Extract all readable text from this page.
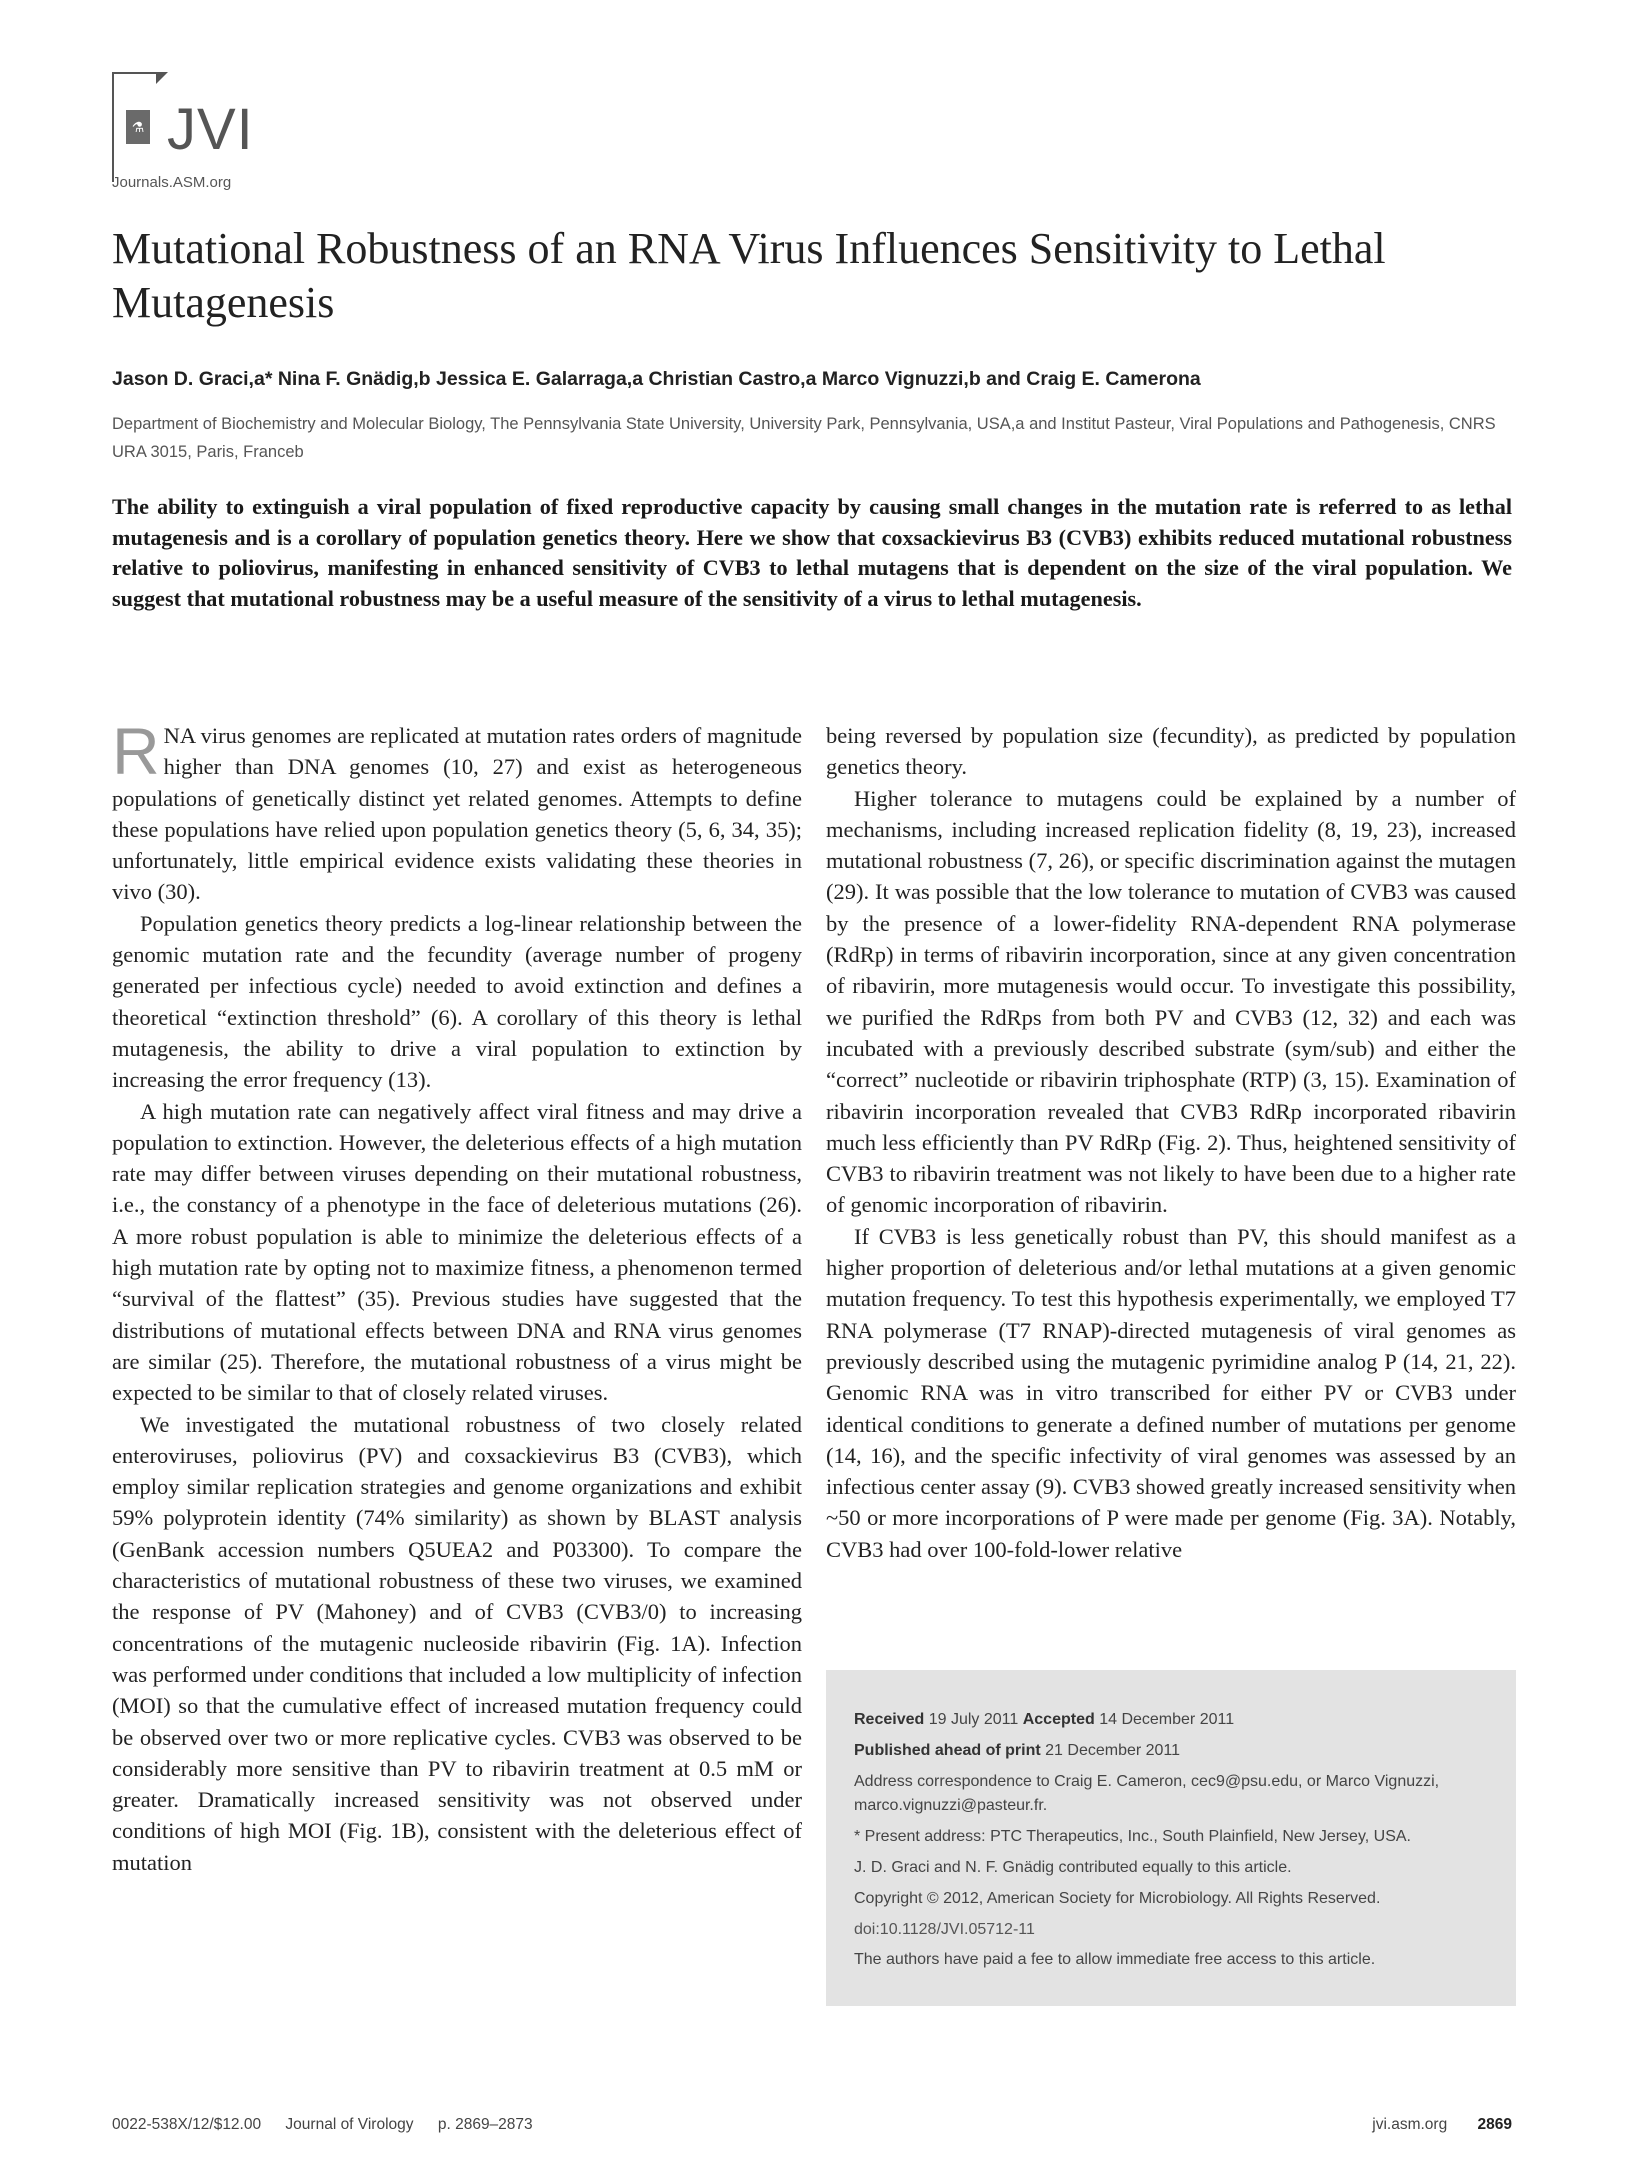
⚗ JVI
Journals.ASM.org
Mutational Robustness of an RNA Virus Influences Sensitivity to Lethal Mutagenesis
Jason D. Graci,a* Nina F. Gnädig,b Jessica E. Galarraga,a Christian Castro,a Marco Vignuzzi,b and Craig E. Camerona
Department of Biochemistry and Molecular Biology, The Pennsylvania State University, University Park, Pennsylvania, USA,a and Institut Pasteur, Viral Populations and Pathogenesis, CNRS URA 3015, Paris, Franceb

The ability to extinguish a viral population of fixed reproductive capacity by causing small changes in the mutation rate is referred to as lethal mutagenesis and is a corollary of population genetics theory. Here we show that coxsackievirus B3 (CVB3) exhibits reduced mutational robustness relative to poliovirus, manifesting in enhanced sensitivity of CVB3 to lethal mutagens that is dependent on the size of the viral population. We suggest that mutational robustness may be a useful measure of the sensitivity of a virus to lethal mutagenesis.

RNA virus genomes are replicated at mutation rates orders of magnitude higher than DNA genomes (10, 27) and exist as heterogeneous populations of genetically distinct yet related genomes. Attempts to define these populations have relied upon population genetics theory (5, 6, 34, 35); unfortunately, little empirical evidence exists validating these theories in vivo (30).

Population genetics theory predicts a log-linear relationship between the genomic mutation rate and the fecundity (average number of progeny generated per infectious cycle) needed to avoid extinction and defines a theoretical “extinction threshold” (6). A corollary of this theory is lethal mutagenesis, the ability to drive a viral population to extinction by increasing the error frequency (13).

A high mutation rate can negatively affect viral fitness and may drive a population to extinction. However, the deleterious effects of a high mutation rate may differ between viruses depending on their mutational robustness, i.e., the constancy of a phenotype in the face of deleterious mutations (26). A more robust population is able to minimize the deleterious effects of a high mutation rate by opting not to maximize fitness, a phenomenon termed “survival of the flattest” (35). Previous studies have suggested that the distributions of mutational effects between DNA and RNA virus genomes are similar (25). Therefore, the mutational robustness of a virus might be expected to be similar to that of closely related viruses.

We investigated the mutational robustness of two closely related enteroviruses, poliovirus (PV) and coxsackievirus B3 (CVB3), which employ similar replication strategies and genome organizations and exhibit 59% polyprotein identity (74% similarity) as shown by BLAST analysis (GenBank accession numbers Q5UEA2 and P03300). To compare the characteristics of mutational robustness of these two viruses, we examined the response of PV (Mahoney) and of CVB3 (CVB3/0) to increasing concentrations of the mutagenic nucleoside ribavirin (Fig. 1A). Infection was performed under conditions that included a low multiplicity of infection (MOI) so that the cumulative effect of increased mutation frequency could be observed over two or more replicative cycles. CVB3 was observed to be considerably more sensitive than PV to ribavirin treatment at 0.5 mM or greater. Dramatically increased sensitivity was not observed under conditions of high MOI (Fig. 1B), consistent with the deleterious effect of mutation

being reversed by population size (fecundity), as predicted by population genetics theory.

Higher tolerance to mutagens could be explained by a number of mechanisms, including increased replication fidelity (8, 19, 23), increased mutational robustness (7, 26), or specific discrimination against the mutagen (29). It was possible that the low tolerance to mutation of CVB3 was caused by the presence of a lower-fidelity RNA-dependent RNA polymerase (RdRp) in terms of ribavirin incorporation, since at any given concentration of ribavirin, more mutagenesis would occur. To investigate this possibility, we purified the RdRps from both PV and CVB3 (12, 32) and each was incubated with a previously described substrate (sym/sub) and either the “correct” nucleotide or ribavirin triphosphate (RTP) (3, 15). Examination of ribavirin incorporation revealed that CVB3 RdRp incorporated ribavirin much less efficiently than PV RdRp (Fig. 2). Thus, heightened sensitivity of CVB3 to ribavirin treatment was not likely to have been due to a higher rate of genomic incorporation of ribavirin.

If CVB3 is less genetically robust than PV, this should manifest as a higher proportion of deleterious and/or lethal mutations at a given genomic mutation frequency. To test this hypothesis experimentally, we employed T7 RNA polymerase (T7 RNAP)-directed mutagenesis of viral genomes as previously described using the mutagenic pyrimidine analog P (14, 21, 22). Genomic RNA was in vitro transcribed for either PV or CVB3 under identical conditions to generate a defined number of mutations per genome (14, 16), and the specific infectivity of viral genomes was assessed by an infectious center assay (9). CVB3 showed greatly increased sensitivity when ~50 or more incorporations of P were made per genome (Fig. 3A). Notably, CVB3 had over 100-fold-lower relative

Received 19 July 2011 Accepted 14 December 2011
Published ahead of print 21 December 2011
Address correspondence to Craig E. Cameron, cec9@psu.edu, or Marco Vignuzzi, marco.vignuzzi@pasteur.fr.
* Present address: PTC Therapeutics, Inc., South Plainfield, New Jersey, USA.
J. D. Graci and N. F. Gnädig contributed equally to this article.
Copyright © 2012, American Society for Microbiology. All Rights Reserved.
doi:10.1128/JVI.05712-11
The authors have paid a fee to allow immediate free access to this article.
0022-538X/12/$12.00 Journal of Virology p. 2869–2873	jvi.asm.org 2869
